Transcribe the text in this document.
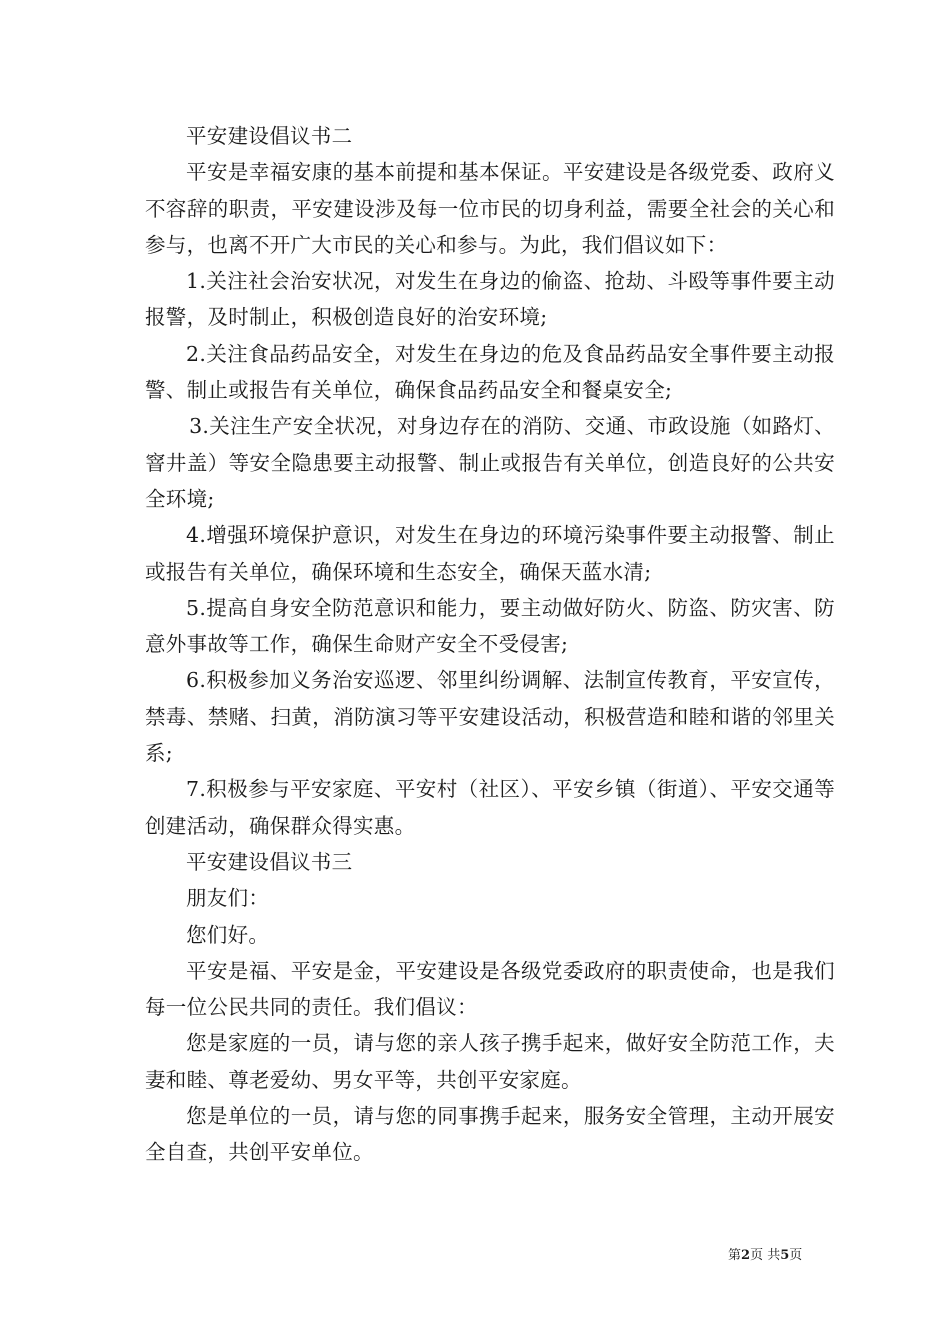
平安建设倡议书二

平安是幸福安康的基本前提和基本保证。平安建设是各级党委、政府义不容辞的职责，平安建设涉及每一位市民的切身利益，需要全社会的关心和参与，也离不开广大市民的关心和参与。为此，我们倡议如下：

1.关注社会治安状况，对发生在身边的偷盗、抢劫、斗殴等事件要主动报警，及时制止，积极创造良好的治安环境;

2.关注食品药品安全，对发生在身边的危及食品药品安全事件要主动报警、制止或报告有关单位，确保食品药品安全和餐桌安全;

3.关注生产安全状况，对身边存在的消防、交通、市政设施（如路灯、窨井盖）等安全隐患要主动报警、制止或报告有关单位，创造良好的公共安全环境;

4.增强环境保护意识，对发生在身边的环境污染事件要主动报警、制止或报告有关单位，确保环境和生态安全，确保天蓝水清;

5.提高自身安全防范意识和能力，要主动做好防火、防盗、防灾害、防意外事故等工作，确保生命财产安全不受侵害;

6.积极参加义务治安巡逻、邻里纠纷调解、法制宣传教育，平安宣传，禁毒、禁赌、扫黄，消防演习等平安建设活动，积极营造和睦和谐的邻里关系;

7.积极参与平安家庭、平安村（社区）、平安乡镇（街道）、平安交通等创建活动，确保群众得实惠。

平安建设倡议书三

朋友们：

您们好。

平安是福、平安是金，平安建设是各级党委政府的职责使命，也是我们每一位公民共同的责任。我们倡议：

您是家庭的一员，请与您的亲人孩子携手起来，做好安全防范工作，夫妻和睦、尊老爱幼、男女平等，共创平安家庭。

您是单位的一员，请与您的同事携手起来，服务安全管理，主动开展安全自查，共创平安单位。

第2页 共5页
